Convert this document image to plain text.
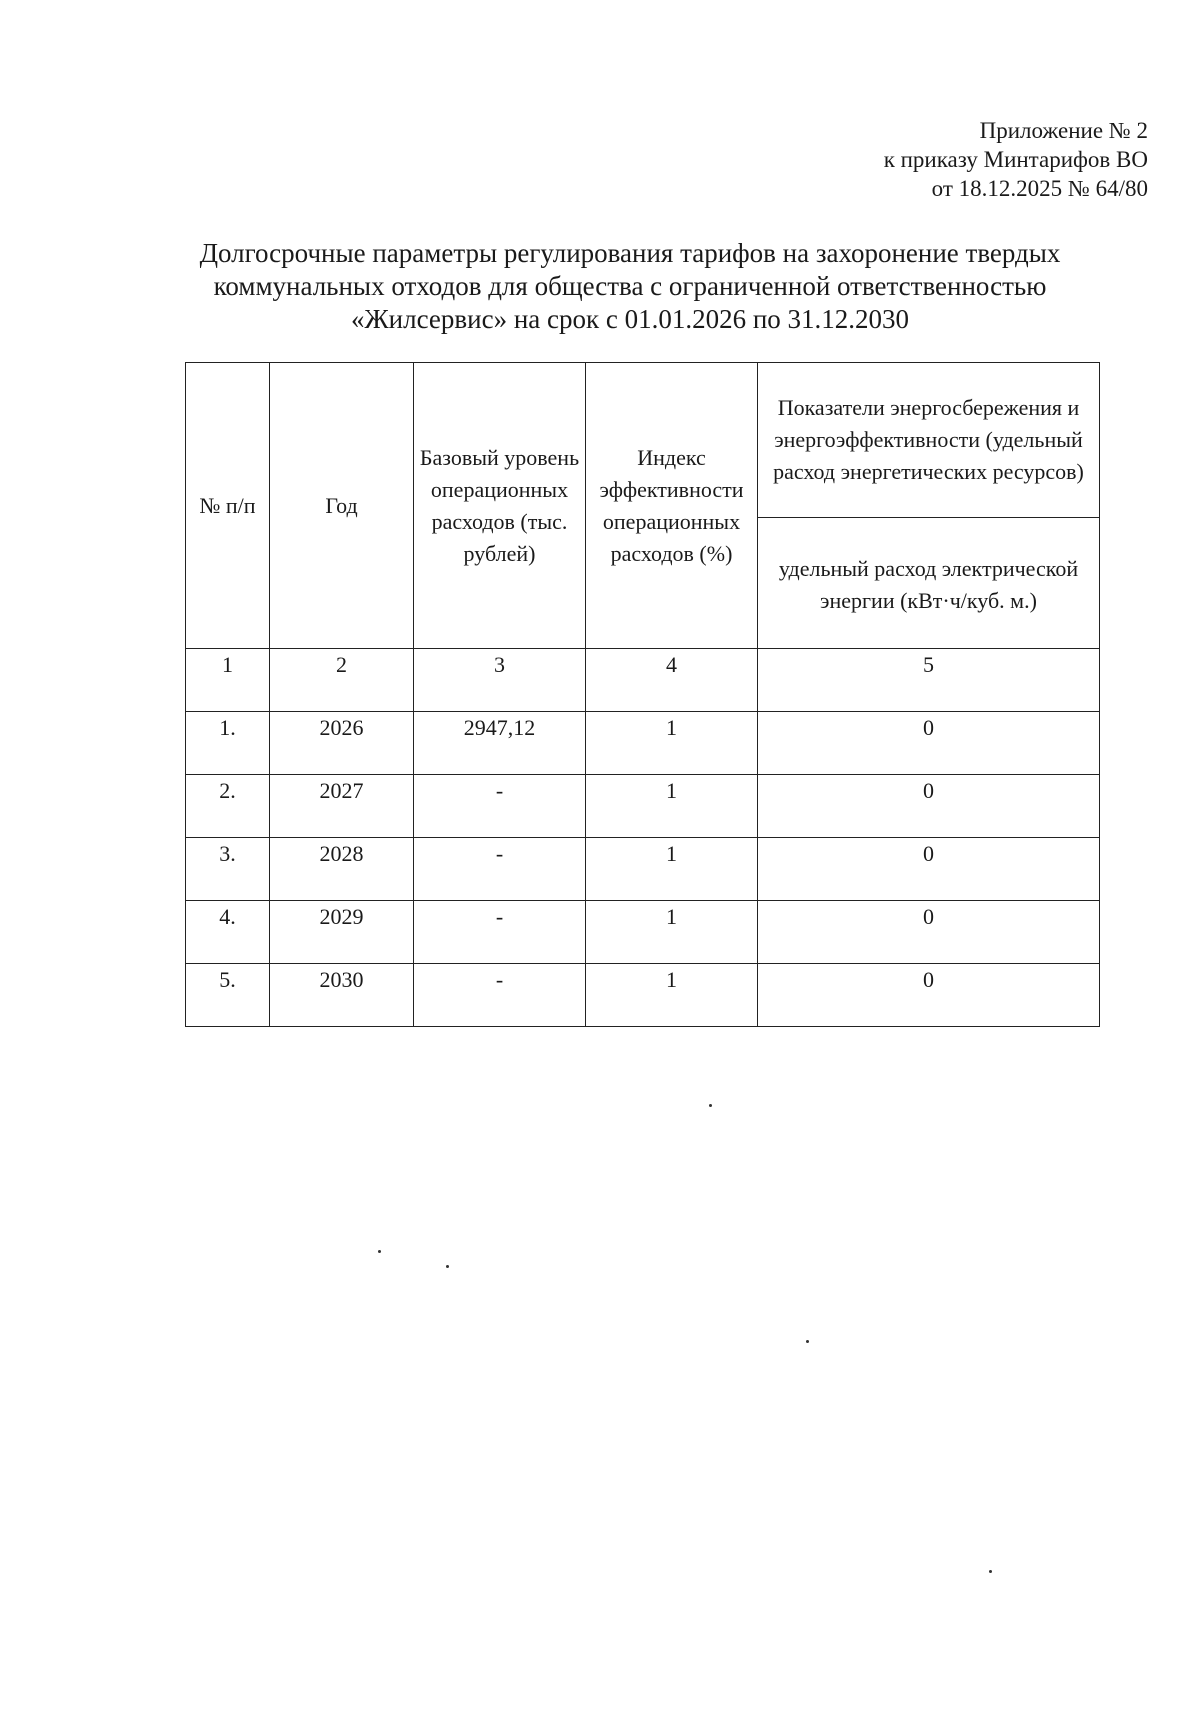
Приложение № 2
к приказу Минтарифов ВО
от 18.12.2025 № 64/80
Долгосрочные параметры регулирования тарифов на захоронение твердых
коммунальных отходов для общества с ограниченной ответственностью
«Жилсервис» на срок с 01.01.2026 по 31.12.2030
№ п/п	Год	Базовый уровень операционных расходов (тыс. рублей)	Индекс эффективности операционных расходов (%)	Показатели энергосбережения и энергоэффективности (удельный расход энергетических ресурсов)
				удельный расход электрической энергии (кВт·ч/куб. м.)
1	2	3	4	5
1.	2026	2947,12	1	0
2.	2027	-	1	0
3.	2028	-	1	0
4.	2029	-	1	0
5.	2030	-	1	0
